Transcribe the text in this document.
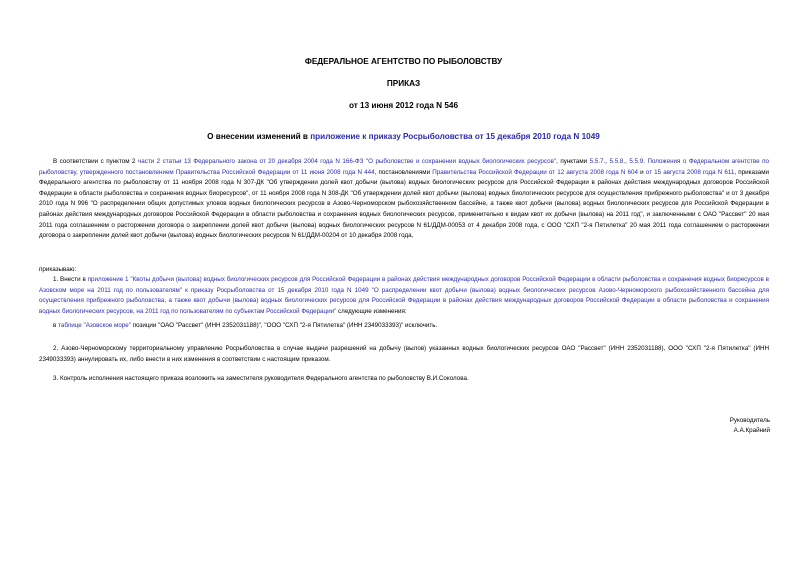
ФЕДЕРАЛЬНОЕ АГЕНТСТВО ПО РЫБОЛОВСТВУ
ПРИКАЗ
от 13 июня 2012 года N 546
О внесении изменений в приложение к приказу Росрыболовства от 15 декабря 2010 года N 1049

В соответствии с пунктом 2 части 2 статьи 13 Федерального закона от 20 декабря 2004 года N 166-ФЗ "О рыболовстве и сохранении водных биологических ресурсов", пунктами 5.5.7., 5.5.8., 5.5.9. Положения о Федеральном агентстве по рыболовству, утвержденного постановлением Правительства Российской Федерации от 11 июня 2008 года N 444, постановлениями Правительства Российской Федерации от 12 августа 2008 года N 604 и от 15 августа 2008 года N 611, приказами Федерального агентства по рыболовству от 11 ноября 2008 года N 307-ДК "Об утверждении долей квот добычи (вылова) водных биологических ресурсов для Российской Федерации в районах действия международных договоров Российской Федерации в области рыболовства и сохранения водных биоресурсов", от 11 ноября 2008 года N 308-ДК "Об утверждении долей квот добычи (вылова) водных биологических ресурсов для осуществления прибрежного рыболовства" и от 3 декабря 2010 года N 996 "О распределении общих допустимых уловов водных биологических ресурсов в Азово-Черноморском рыбохозяйственном бассейне, а также квот добычи (вылова) водных биологических ресурсов для Российской Федерации в районах действия международных договоров Российской Федерации в области рыболовства и сохранения водных биологических ресурсов, применительно к видам квот их добычи (вылова) на 2011 год", и заключенными с ОАО "Рассвет" 20 мая 2011 года соглашением о расторжении договора о закреплении долей квот добычи (вылова) водных биологических ресурсов N 61/ДДМ-00053 от 4 декабря 2008 года, с ООО "СХП "2-я Пятилетка" 20 мая 2011 года соглашением о расторжении договора о закреплении долей квот добычи (вылова) водных биологических ресурсов N 61/ДДМ-00204 от 10 декабря 2008 года,

приказываю:

1. Внести в приложение 1 "Квоты добычи (вылова) водных биологических ресурсов для Российской Федерации в районах действия международных договоров Российской Федерации в области рыболовства и сохранения водных биоресурсов в Азовском море на 2011 год по пользователям" к приказу Росрыболовства от 15 декабря 2010 года N 1049 "О распределении квот добычи (вылова) водных биологических ресурсов Азово-Черноморского рыбохозяйственного бассейна для осуществления прибрежного рыболовства, а также квот добычи (вылова) водных биологических ресурсов для Российской Федерации в районах действия международных договоров Российской Федерации в области рыболовства и сохранения водных биологических ресурсов, на 2011 год по пользователям по субъектам Российской Федерации" следующие изменения:

в таблице "Азовское море" позиции "ОАО "Рассвет" (ИНН 2352031188)", "ООО "СХП "2-я Пятилетка" (ИНН 2349033393)" исключить.

2. Азово-Черноморскому территориальному управлению Росрыболовства в случае выдачи разрешений на добычу (вылов) указанных водных биологических ресурсов ОАО "Рассвет" (ИНН 2352031188), ООО "СХП "2-я Пятилетка" (ИНН 2349033393) аннулировать их, либо внести в них изменения в соответствии с настоящим приказом.

3. Контроль исполнения настоящего приказа возложить на заместителя руководителя Федерального агентства по рыболовству В.И.Соколова.

Руководитель
А.А.Крайний
